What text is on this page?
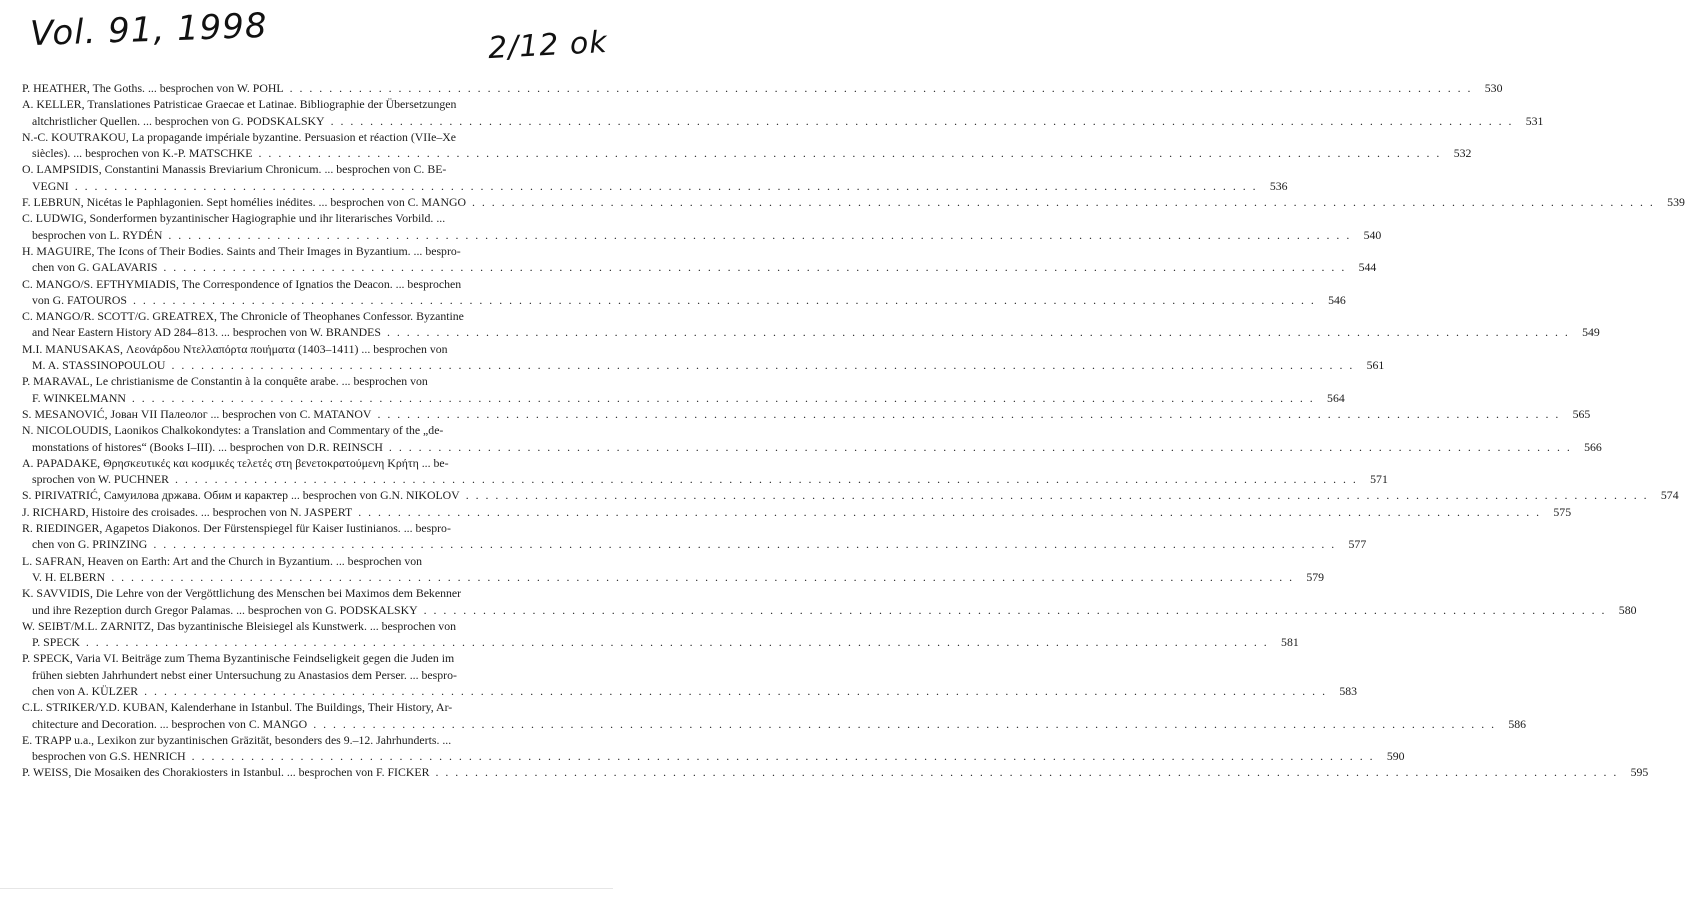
Vol. 91, 1998	2/12 ok
P. HEATHER, The Goths. ... besprochen von W. POHL . . . . . . . . . . . . . . . . . . . . . . . . . . . . . . . . . . . . . . . . . . . . . . . . . . . . . . . . . . . . . . . . . . . . . . . . . . . . . . . . . . . . . . . . . . . . . . . . . . . . . . . . . . . . . . . . . . . . . . . .	530
A. KELLER, Translationes Patristicae Graecae et Latinae. Bibliographie der Übersetzungen
altchristlicher Quellen. ... besprochen von G. PODSKALSKY . . . . . . . . . . . . . . . . . . . . . . . . . . . . . . . . . . . . . . . . . . . . . . . . . . . . . . . . . . . . . . . . . . . . . . . . . . . . . . . . . . . . . . . . . . . . . . . . . . . . . . . . . . . . . . . . . . . . . . . .	531
N.-C. KOUTRAKOU, La propagande impériale byzantine. Persuasion et réaction (VIIe–Xe
siècles). ... besprochen von K.-P. MATSCHKE . . . . . . . . . . . . . . . . . . . . . . . . . . . . . . . . . . . . . . . . . . . . . . . . . . . . . . . . . . . . . . . . . . . . . . . . . . . . . . . . . . . . . . . . . . . . . . . . . . . . . . . . . . . . . . . . . . . . . . . .	532
O. LAMPSIDIS, Constantini Manassis Breviarium Chronicum. ... besprochen von C. BE-
VEGNI . . . . . . . . . . . . . . . . . . . . . . . . . . . . . . . . . . . . . . . . . . . . . . . . . . . . . . . . . . . . . . . . . . . . . . . . . . . . . . . . . . . . . . . . . . . . . . . . . . . . . . . . . . . . . . . . . . . . . . . .	536
F. LEBRUN, Nicétas le Paphlagonien. Sept homélies inédites. ... besprochen von C. MANGO . . . . . . . . . . . . . . . . . . . . . . . . . . . . . . . . . . . . . . . . . . . . . . . . . . . . . . . . . . . . . . . . . . . . . . . . . . . . . . . . . . . . . . . . . . . . . . . . . . . . . . . . . . . . . . . . . . . . . . . .	539
C. LUDWIG, Sonderformen byzantinischer Hagiographie und ihr literarisches Vorbild. ...
besprochen von L. RYDÉN . . . . . . . . . . . . . . . . . . . . . . . . . . . . . . . . . . . . . . . . . . . . . . . . . . . . . . . . . . . . . . . . . . . . . . . . . . . . . . . . . . . . . . . . . . . . . . . . . . . . . . . . . . . . . . . . . . . . . . . .	540
H. MAGUIRE, The Icons of Their Bodies. Saints and Their Images in Byzantium. ... bespro-
chen von G. GALAVARIS . . . . . . . . . . . . . . . . . . . . . . . . . . . . . . . . . . . . . . . . . . . . . . . . . . . . . . . . . . . . . . . . . . . . . . . . . . . . . . . . . . . . . . . . . . . . . . . . . . . . . . . . . . . . . . . . . . . . . . . .	544
C. MANGO/S. EFTHYMIADIS, The Correspondence of Ignatios the Deacon. ... besprochen
von G. FATOUROS . . . . . . . . . . . . . . . . . . . . . . . . . . . . . . . . . . . . . . . . . . . . . . . . . . . . . . . . . . . . . . . . . . . . . . . . . . . . . . . . . . . . . . . . . . . . . . . . . . . . . . . . . . . . . . . . . . . . . . . .	546
C. MANGO/R. SCOTT/G. GREATREX, The Chronicle of Theophanes Confessor. Byzantine
and Near Eastern History AD 284–813. ... besprochen von W. BRANDES . . . . . . . . . . . . . . . . . . . . . . . . . . . . . . . . . . . . . . . . . . . . . . . . . . . . . . . . . . . . . . . . . . . . . . . . . . . . . . . . . . . . . . . . . . . . . . . . . . . . . . . . . . . . . . . . . . . . . . . .	549
M.I. MANUSAKAS, Λεονάρδου Ντελλαπόρτα ποιήματα (1403–1411) ... besprochen von
M. A. STASSINOPOULOU . . . . . . . . . . . . . . . . . . . . . . . . . . . . . . . . . . . . . . . . . . . . . . . . . . . . . . . . . . . . . . . . . . . . . . . . . . . . . . . . . . . . . . . . . . . . . . . . . . . . . . . . . . . . . . . . . . . . . . . .	561
P. MARAVAL, Le christianisme de Constantin à la conquête arabe. ... besprochen von
F. WINKELMANN . . . . . . . . . . . . . . . . . . . . . . . . . . . . . . . . . . . . . . . . . . . . . . . . . . . . . . . . . . . . . . . . . . . . . . . . . . . . . . . . . . . . . . . . . . . . . . . . . . . . . . . . . . . . . . . . . . . . . . . .	564
S. MESANOVIĆ, Јован VII Палеолог ... besprochen von C. MATANOV . . . . . . . . . . . . . . . . . . . . . . . . . . . . . . . . . . . . . . . . . . . . . . . . . . . . . . . . . . . . . . . . . . . . . . . . . . . . . . . . . . . . . . . . . . . . . . . . . . . . . . . . . . . . . . . . . . . . . . . .	565
N. NICOLOUDIS, Laonikos Chalkokondytes: a Translation and Commentary of the „de-
monstations of histores“ (Books I–III). ... besprochen von D.R. REINSCH . . . . . . . . . . . . . . . . . . . . . . . . . . . . . . . . . . . . . . . . . . . . . . . . . . . . . . . . . . . . . . . . . . . . . . . . . . . . . . . . . . . . . . . . . . . . . . . . . . . . . . . . . . . . . . . . . . . . . . . .	566
A. PAPADAKE, Θρησκευτικές και κοσμικές τελετές στη βενετοκρατούμενη Κρήτη ... be-
sprochen von W. PUCHNER . . . . . . . . . . . . . . . . . . . . . . . . . . . . . . . . . . . . . . . . . . . . . . . . . . . . . . . . . . . . . . . . . . . . . . . . . . . . . . . . . . . . . . . . . . . . . . . . . . . . . . . . . . . . . . . . . . . . . . . .	571
S. PIRIVATRIĆ, Самуилова држава. Обим и карактер ... besprochen von G.N. NIKOLOV . . . . . . . . . . . . . . . . . . . . . . . . . . . . . . . . . . . . . . . . . . . . . . . . . . . . . . . . . . . . . . . . . . . . . . . . . . . . . . . . . . . . . . . . . . . . . . . . . . . . . . . . . . . . . . . . . . . . . . . .	574
J. RICHARD, Histoire des croisades. ... besprochen von N. JASPERT . . . . . . . . . . . . . . . . . . . . . . . . . . . . . . . . . . . . . . . . . . . . . . . . . . . . . . . . . . . . . . . . . . . . . . . . . . . . . . . . . . . . . . . . . . . . . . . . . . . . . . . . . . . . . . . . . . . . . . . .	575
R. RIEDINGER, Agapetos Diakonos. Der Fürstenspiegel für Kaiser Iustinianos. ... bespro-
chen von G. PRINZING . . . . . . . . . . . . . . . . . . . . . . . . . . . . . . . . . . . . . . . . . . . . . . . . . . . . . . . . . . . . . . . . . . . . . . . . . . . . . . . . . . . . . . . . . . . . . . . . . . . . . . . . . . . . . . . . . . . . . . . .	577
L. SAFRAN, Heaven on Earth: Art and the Church in Byzantium. ... besprochen von
V. H. ELBERN . . . . . . . . . . . . . . . . . . . . . . . . . . . . . . . . . . . . . . . . . . . . . . . . . . . . . . . . . . . . . . . . . . . . . . . . . . . . . . . . . . . . . . . . . . . . . . . . . . . . . . . . . . . . . . . . . . . . . . . .	579
K. SAVVIDIS, Die Lehre von der Vergöttlichung des Menschen bei Maximos dem Bekenner
und ihre Rezeption durch Gregor Palamas. ... besprochen von G. PODSKALSKY . . . . . . . . . . . . . . . . . . . . . . . . . . . . . . . . . . . . . . . . . . . . . . . . . . . . . . . . . . . . . . . . . . . . . . . . . . . . . . . . . . . . . . . . . . . . . . . . . . . . . . . . . . . . . . . . . . . . . . . .	580
W. SEIBT/M.L. ZARNITZ, Das byzantinische Bleisiegel als Kunstwerk. ... besprochen von
P. SPECK . . . . . . . . . . . . . . . . . . . . . . . . . . . . . . . . . . . . . . . . . . . . . . . . . . . . . . . . . . . . . . . . . . . . . . . . . . . . . . . . . . . . . . . . . . . . . . . . . . . . . . . . . . . . . . . . . . . . . . . .	581
P. SPECK, Varia VI. Beiträge zum Thema Byzantinische Feindseligkeit gegen die Juden im
frühen siebten Jahrhundert nebst einer Untersuchung zu Anastasios dem Perser. ... bespro-
chen von A. KÜLZER . . . . . . . . . . . . . . . . . . . . . . . . . . . . . . . . . . . . . . . . . . . . . . . . . . . . . . . . . . . . . . . . . . . . . . . . . . . . . . . . . . . . . . . . . . . . . . . . . . . . . . . . . . . . . . . . . . . . . . . .	583
C.L. STRIKER/Y.D. KUBAN, Kalenderhane in Istanbul. The Buildings, Their History, Ar-
chitecture and Decoration. ... besprochen von C. MANGO . . . . . . . . . . . . . . . . . . . . . . . . . . . . . . . . . . . . . . . . . . . . . . . . . . . . . . . . . . . . . . . . . . . . . . . . . . . . . . . . . . . . . . . . . . . . . . . . . . . . . . . . . . . . . . . . . . . . . . . .	586
E. TRAPP u.a., Lexikon zur byzantinischen Gräzität, besonders des 9.–12. Jahrhunderts. ...
besprochen von G.S. HENRICH . . . . . . . . . . . . . . . . . . . . . . . . . . . . . . . . . . . . . . . . . . . . . . . . . . . . . . . . . . . . . . . . . . . . . . . . . . . . . . . . . . . . . . . . . . . . . . . . . . . . . . . . . . . . . . . . . . . . . . . .	590
P. WEISS, Die Mosaiken des Chorakiosters in Istanbul. ... besprochen von F. FICKER . . . . . . . . . . . . . . . . . . . . . . . . . . . . . . . . . . . . . . . . . . . . . . . . . . . . . . . . . . . . . . . . . . . . . . . . . . . . . . . . . . . . . . . . . . . . . . . . . . . . . . . . . . . . . . . . . . . . . . . .	595
